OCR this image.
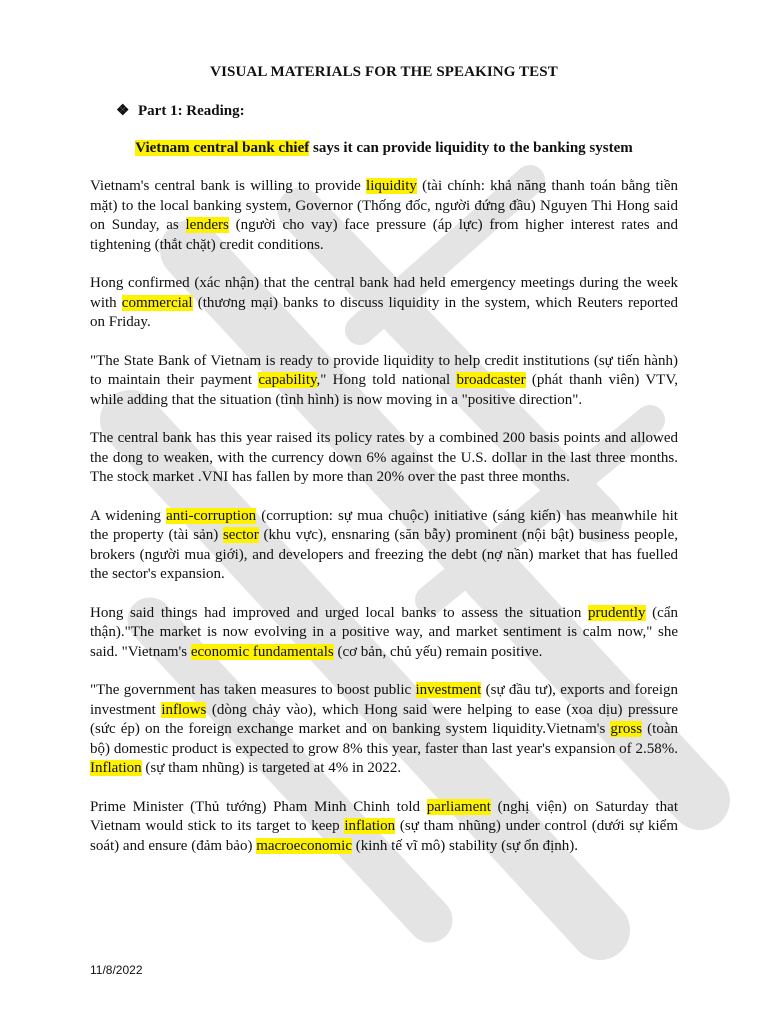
VISUAL MATERIALS FOR THE SPEAKING TEST
❖ Part 1: Reading:
Vietnam central bank chief says it can provide liquidity to the banking system

Vietnam's central bank is willing to provide liquidity (tài chính: khả năng thanh toán bằng tiền mặt) to the local banking system, Governor (Thống đốc, người đứng đầu) Nguyen Thi Hong said on Sunday, as lenders (người cho vay) face pressure (áp lực) from higher interest rates and tightening (thắt chặt) credit conditions.

Hong confirmed (xác nhận) that the central bank had held emergency meetings during the week with commercial (thương mại) banks to discuss liquidity in the system, which Reuters reported on Friday.

"The State Bank of Vietnam is ready to provide liquidity to help credit institutions (sự tiến hành) to maintain their payment capability," Hong told national broadcaster (phát thanh viên) VTV, while adding that the situation (tình hình) is now moving in a "positive direction".

The central bank has this year raised its policy rates by a combined 200 basis points and allowed the dong to weaken, with the currency down 6% against the U.S. dollar in the last three months. The stock market .VNI has fallen by more than 20% over the past three months.

A widening anti-corruption (corruption: sự mua chuộc) initiative (sáng kiến) has meanwhile hit the property (tài sản) sector (khu vực), ensnaring (săn bẫy) prominent (nội bật) business people, brokers (người mua giới), and developers and freezing the debt (nợ nần) market that has fuelled the sector's expansion.

Hong said things had improved and urged local banks to assess the situation prudently (cẩn thận)."The market is now evolving in a positive way, and market sentiment is calm now," she said. "Vietnam's economic fundamentals (cơ bản, chủ yếu) remain positive.

"The government has taken measures to boost public investment (sự đầu tư), exports and foreign investment inflows (dòng chảy vào), which Hong said were helping to ease (xoa dịu) pressure (sức ép) on the foreign exchange market and on banking system liquidity.Vietnam's gross (toàn bộ) domestic product is expected to grow 8% this year, faster than last year's expansion of 2.58%. Inflation (sự tham nhũng) is targeted at 4% in 2022.

Prime Minister (Thủ tướng) Pham Minh Chinh told parliament (nghị viện) on Saturday that Vietnam would stick to its target to keep inflation (sự tham nhũng) under control (dưới sự kiểm soát) and ensure (đảm bảo) macroeconomic (kinh tế vĩ mô) stability (sự ổn định).

11/8/2022
